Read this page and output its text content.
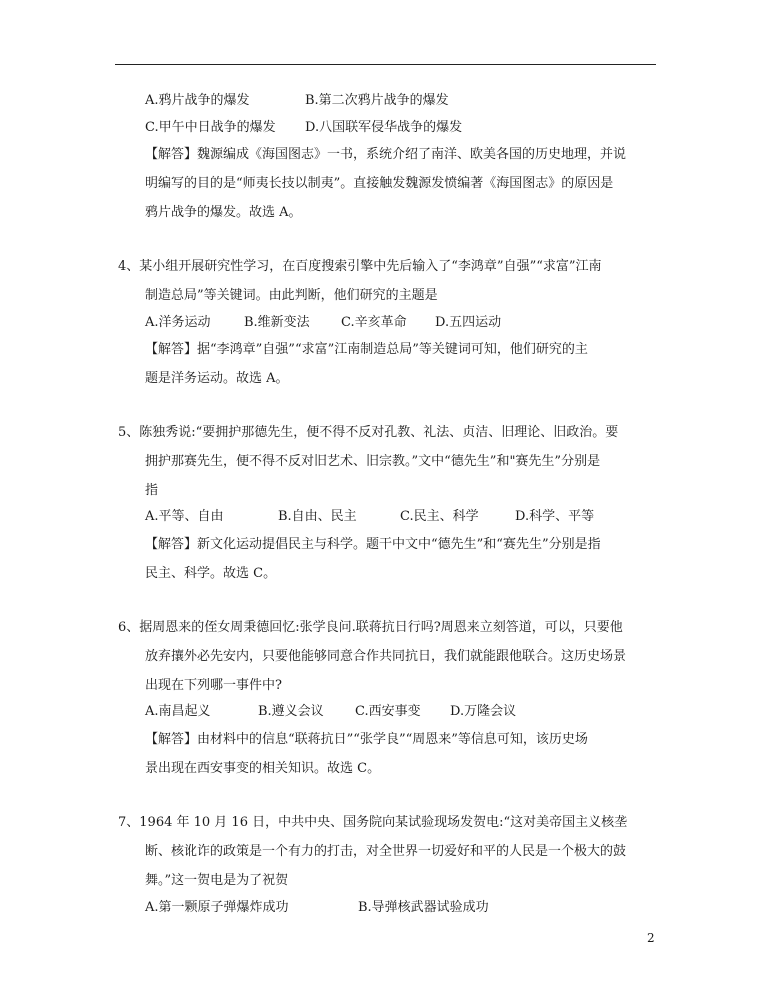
A.鸦片战争的爆发	B.第二次鸦片战争的爆发
C.甲午中日战争的爆发 D.八国联军侵华战争的爆发
【解答】魏源编成《海国图志》一书，系统介绍了南洋、欧美各国的历史地理，并说
明编写的目的是“师夷长技以制夷”。直接触发魏源发愤编著《海国图志》的原因是
鸦片战争的爆发。故选 A。
4、某小组开展研究性学习，在百度搜索引擎中先后输入了“李鸿章”自强”“求富”江南
制造总局”等关键词。由此判断，他们研究的主题是
A.洋务运动	B.维新变法 C.辛亥革命 D.五四运动
【解答】据“李鸿章”自强”“求富”江南制造总局”等关键词可知，他们研究的主
题是洋务运动。故选 A。
5、陈独秀说:“要拥护那德先生，便不得不反对孔教、礼法、贞洁、旧理论、旧政治。要
拥护那赛先生，便不得不反对旧艺术、旧宗教。”文中“德先生”和"赛先生”分别是
指
A.平等、自由	B.自由、民主	C.民主、科学	D.科学、平等
【解答】新文化运动提倡民主与科学。题干中文中“德先生”和“赛先生”分别是指
民主、科学。故选 C。
6、据周恩来的侄女周秉德回忆:张学良问.联蒋抗日行吗?周恩来立刻答道，可以，只要他
放弃攘外必先安内，只要他能够同意合作共同抗日，我们就能跟他联合。这历史场景
出现在下列哪一事件中?
A.南昌起义	B.遵义会议 C.西安事变 D.万隆会议
【解答】由材料中的信息“联蒋抗日”“张学良”“周恩来”等信息可知，该历史场
景出现在西安事变的相关知识。故选 C。
7、1964 年 10 月 16 日，中共中央、国务院向某试验现场发贺电:“这对美帝国主义核垄
断、核讹诈的政策是一个有力的打击，对全世界一切爱好和平的人民是一个极大的鼓
舞。”这一贺电是为了祝贺
A.第一颗原子弹爆炸成功	B.导弹核武器试验成功
2
